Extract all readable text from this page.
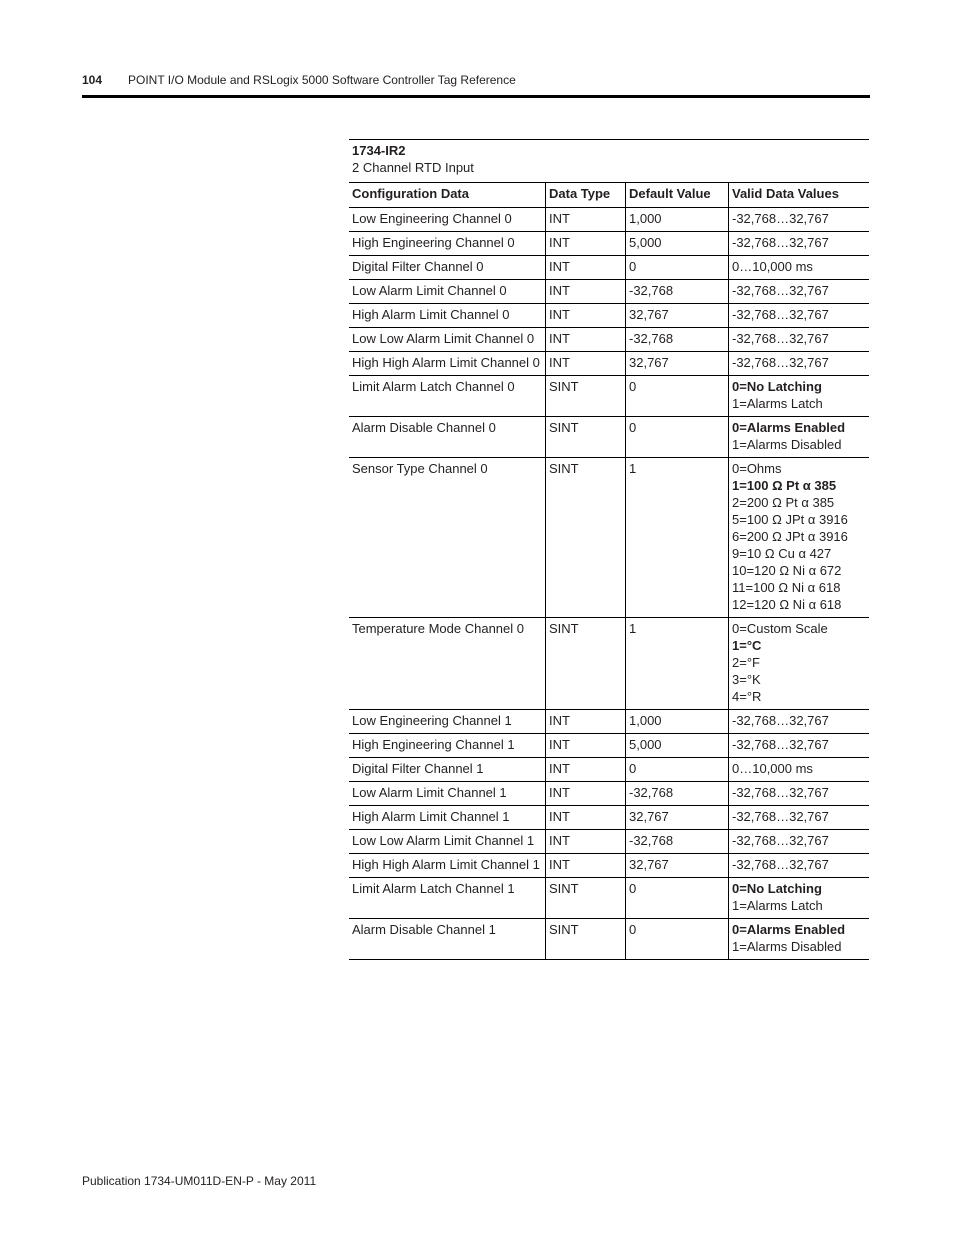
104 POINT I/O Module and RSLogix 5000 Software Controller Tag Reference
1734-IR2
2 Channel RTD Input
Configuration Data	Data Type	Default Value	Valid Data Values
Low Engineering Channel 0	INT	1,000	-32,768…32,767
High Engineering Channel 0	INT	5,000	-32,768…32,767
Digital Filter Channel 0	INT	0	0…10,000 ms
Low Alarm Limit Channel 0	INT	-32,768	-32,768…32,767
High Alarm Limit Channel 0	INT	32,767	-32,768…32,767
Low Low Alarm Limit Channel 0	INT	-32,768	-32,768…32,767
High High Alarm Limit Channel 0 INT	32,767	-32,768…32,767
Limit Alarm Latch Channel 0	SINT	0	0=No Latching
1=Alarms Latch
Alarm Disable Channel 0	SINT	0	0=Alarms Enabled
1=Alarms Disabled
Sensor Type Channel 0	SINT	1	0=Ohms
1=100 Ω Pt α 385
2=200 Ω Pt α 385
5=100 Ω JPt α 3916
6=200 Ω JPt α 3916
9=10 Ω Cu α 427
10=120 Ω Ni α 672
11=100 Ω Ni α 618
12=120 Ω Ni α 618
Temperature Mode Channel 0	SINT	1	0=Custom Scale
1=°C
2=°F
3=°K
4=°R
Low Engineering Channel 1	INT	1,000	-32,768…32,767
High Engineering Channel 1	INT	5,000	-32,768…32,767
Digital Filter Channel 1	INT	0	0…10,000 ms
Low Alarm Limit Channel 1	INT	-32,768	-32,768…32,767
High Alarm Limit Channel 1	INT	32,767	-32,768…32,767
Low Low Alarm Limit Channel 1	INT	-32,768	-32,768…32,767
High High Alarm Limit Channel 1 INT	32,767	-32,768…32,767
Limit Alarm Latch Channel 1	SINT	0	0=No Latching
1=Alarms Latch
Alarm Disable Channel 1	SINT	0	0=Alarms Enabled
1=Alarms Disabled
Publication 1734-UM011D-EN-P - May 2011
